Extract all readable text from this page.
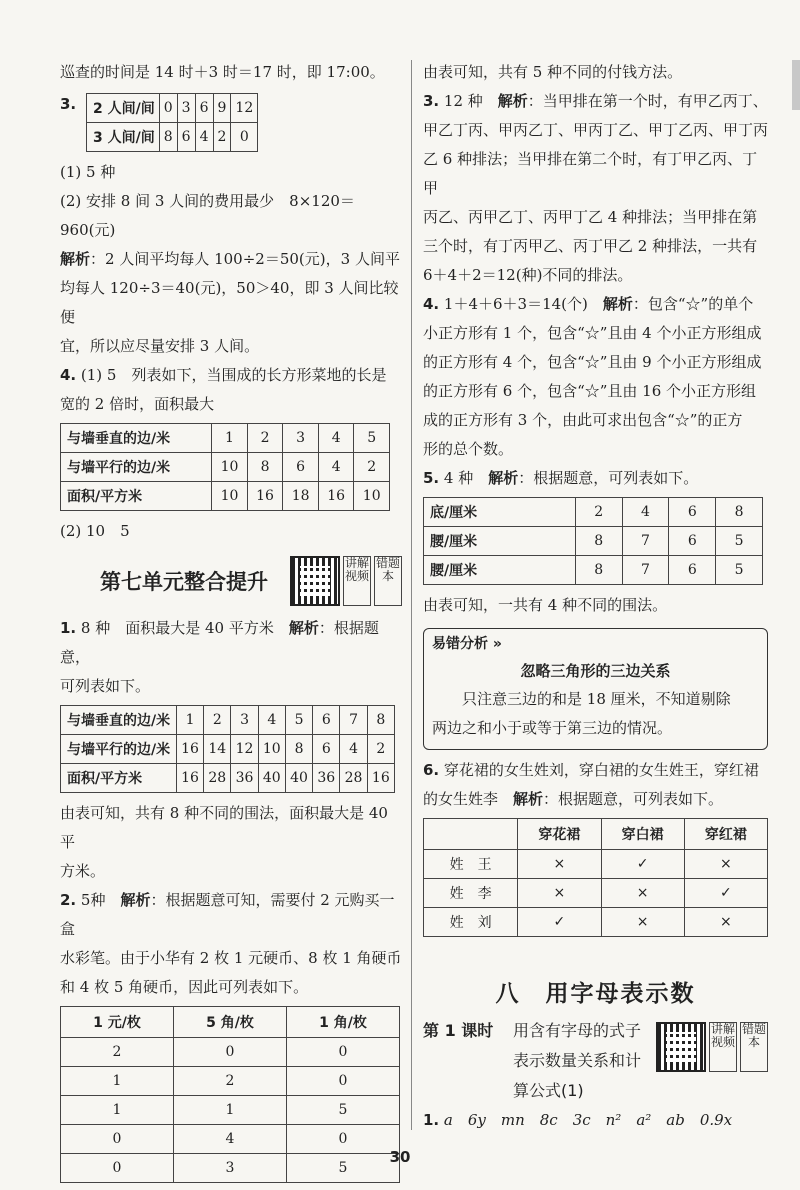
巡查的时间是 14 时＋3 时＝17 时，即 17:00。

3.	2 人间/间	0	3	6	9	12
3 人间/间	8	6	4	2	0

(1) 5 种

(2) 安排 8 间 3 人间的费用最少　8×120＝960(元)

解析：2 人间平均每人 100÷2＝50(元)，3 人间平

均每人 120÷3＝40(元)，50＞40，即 3 人间比较便

宜，所以应尽量安排 3 人间。

4. (1) 5　列表如下，当围成的长方形菜地的长是

宽的 2 倍时，面积最大

与墙垂直的边/米	1	2	3	4	5
与墙平行的边/米	10	8	6	4	2
面积/平方米	10	16	18	16	10

(2) 10　5

第七单元整合提升
讲解视频
错题本

1. 8 种　面积最大是 40 平方米　解析：根据题意，

可列表如下。

与墙垂直的边/米	1	2	3	4	5	6	7	8
与墙平行的边/米	16	14	12	10	8	6	4	2
面积/平方米	16	28	36	40	40	36	28	16

由表可知，共有 8 种不同的围法，面积最大是 40 平

方米。

2. 5种　解析：根据题意可知，需要付 2 元购买一盒

水彩笔。由于小华有 2 枚 1 元硬币、8 枚 1 角硬币

和 4 枚 5 角硬币，因此可列表如下。

1 元/枚	5 角/枚	1 角/枚
2	0	0
1	2	0
1	1	5
0	4	0
0	3	5

由表可知，共有 5 种不同的付钱方法。

3. 12 种　解析：当甲排在第一个时，有甲乙丙丁、

甲乙丁丙、甲丙乙丁、甲丙丁乙、甲丁乙丙、甲丁丙

乙 6 种排法；当甲排在第二个时，有丁甲乙丙、丁甲

丙乙、丙甲乙丁、丙甲丁乙 4 种排法；当甲排在第

三个时，有丁丙甲乙、丙丁甲乙 2 种排法，一共有

6＋4＋2＝12(种)不同的排法。

4. 1＋4＋6＋3＝14(个)　解析：包含“☆”的单个

小正方形有 1 个，包含“☆”且由 4 个小正方形组成

的正方形有 4 个，包含“☆”且由 9 个小正方形组成

的正方形有 6 个，包含“☆”且由 16 个小正方形组

成的正方形有 3 个，由此可求出包含“☆”的正方

形的总个数。

5. 4 种　解析：根据题意，可列表如下。

底/厘米	2	4	6	8
腰/厘米	8	7	6	5
腰/厘米	8	7	6	5

由表可知，一共有 4 种不同的围法。

易错分析 »
忽略三角形的三边关系

　　只注意三边的和是 18 厘米，不知道剔除

两边之和小于或等于第三边的情况。

6. 穿花裙的女生姓刘，穿白裙的女生姓王，穿红裙

的女生姓李　解析：根据题意，可列表如下。

	穿花裙	穿白裙	穿红裙
姓　王	×	✓	×
姓　李	×	×	✓
姓　刘	✓	×	×
八　用字母表示数
第 1 课时	用含有字母的式子
表示数量关系和计
算公式(1)
讲解视频
错题本

1. a　6y　mn　8c　3c　n²　a²　ab　0.9x

30
